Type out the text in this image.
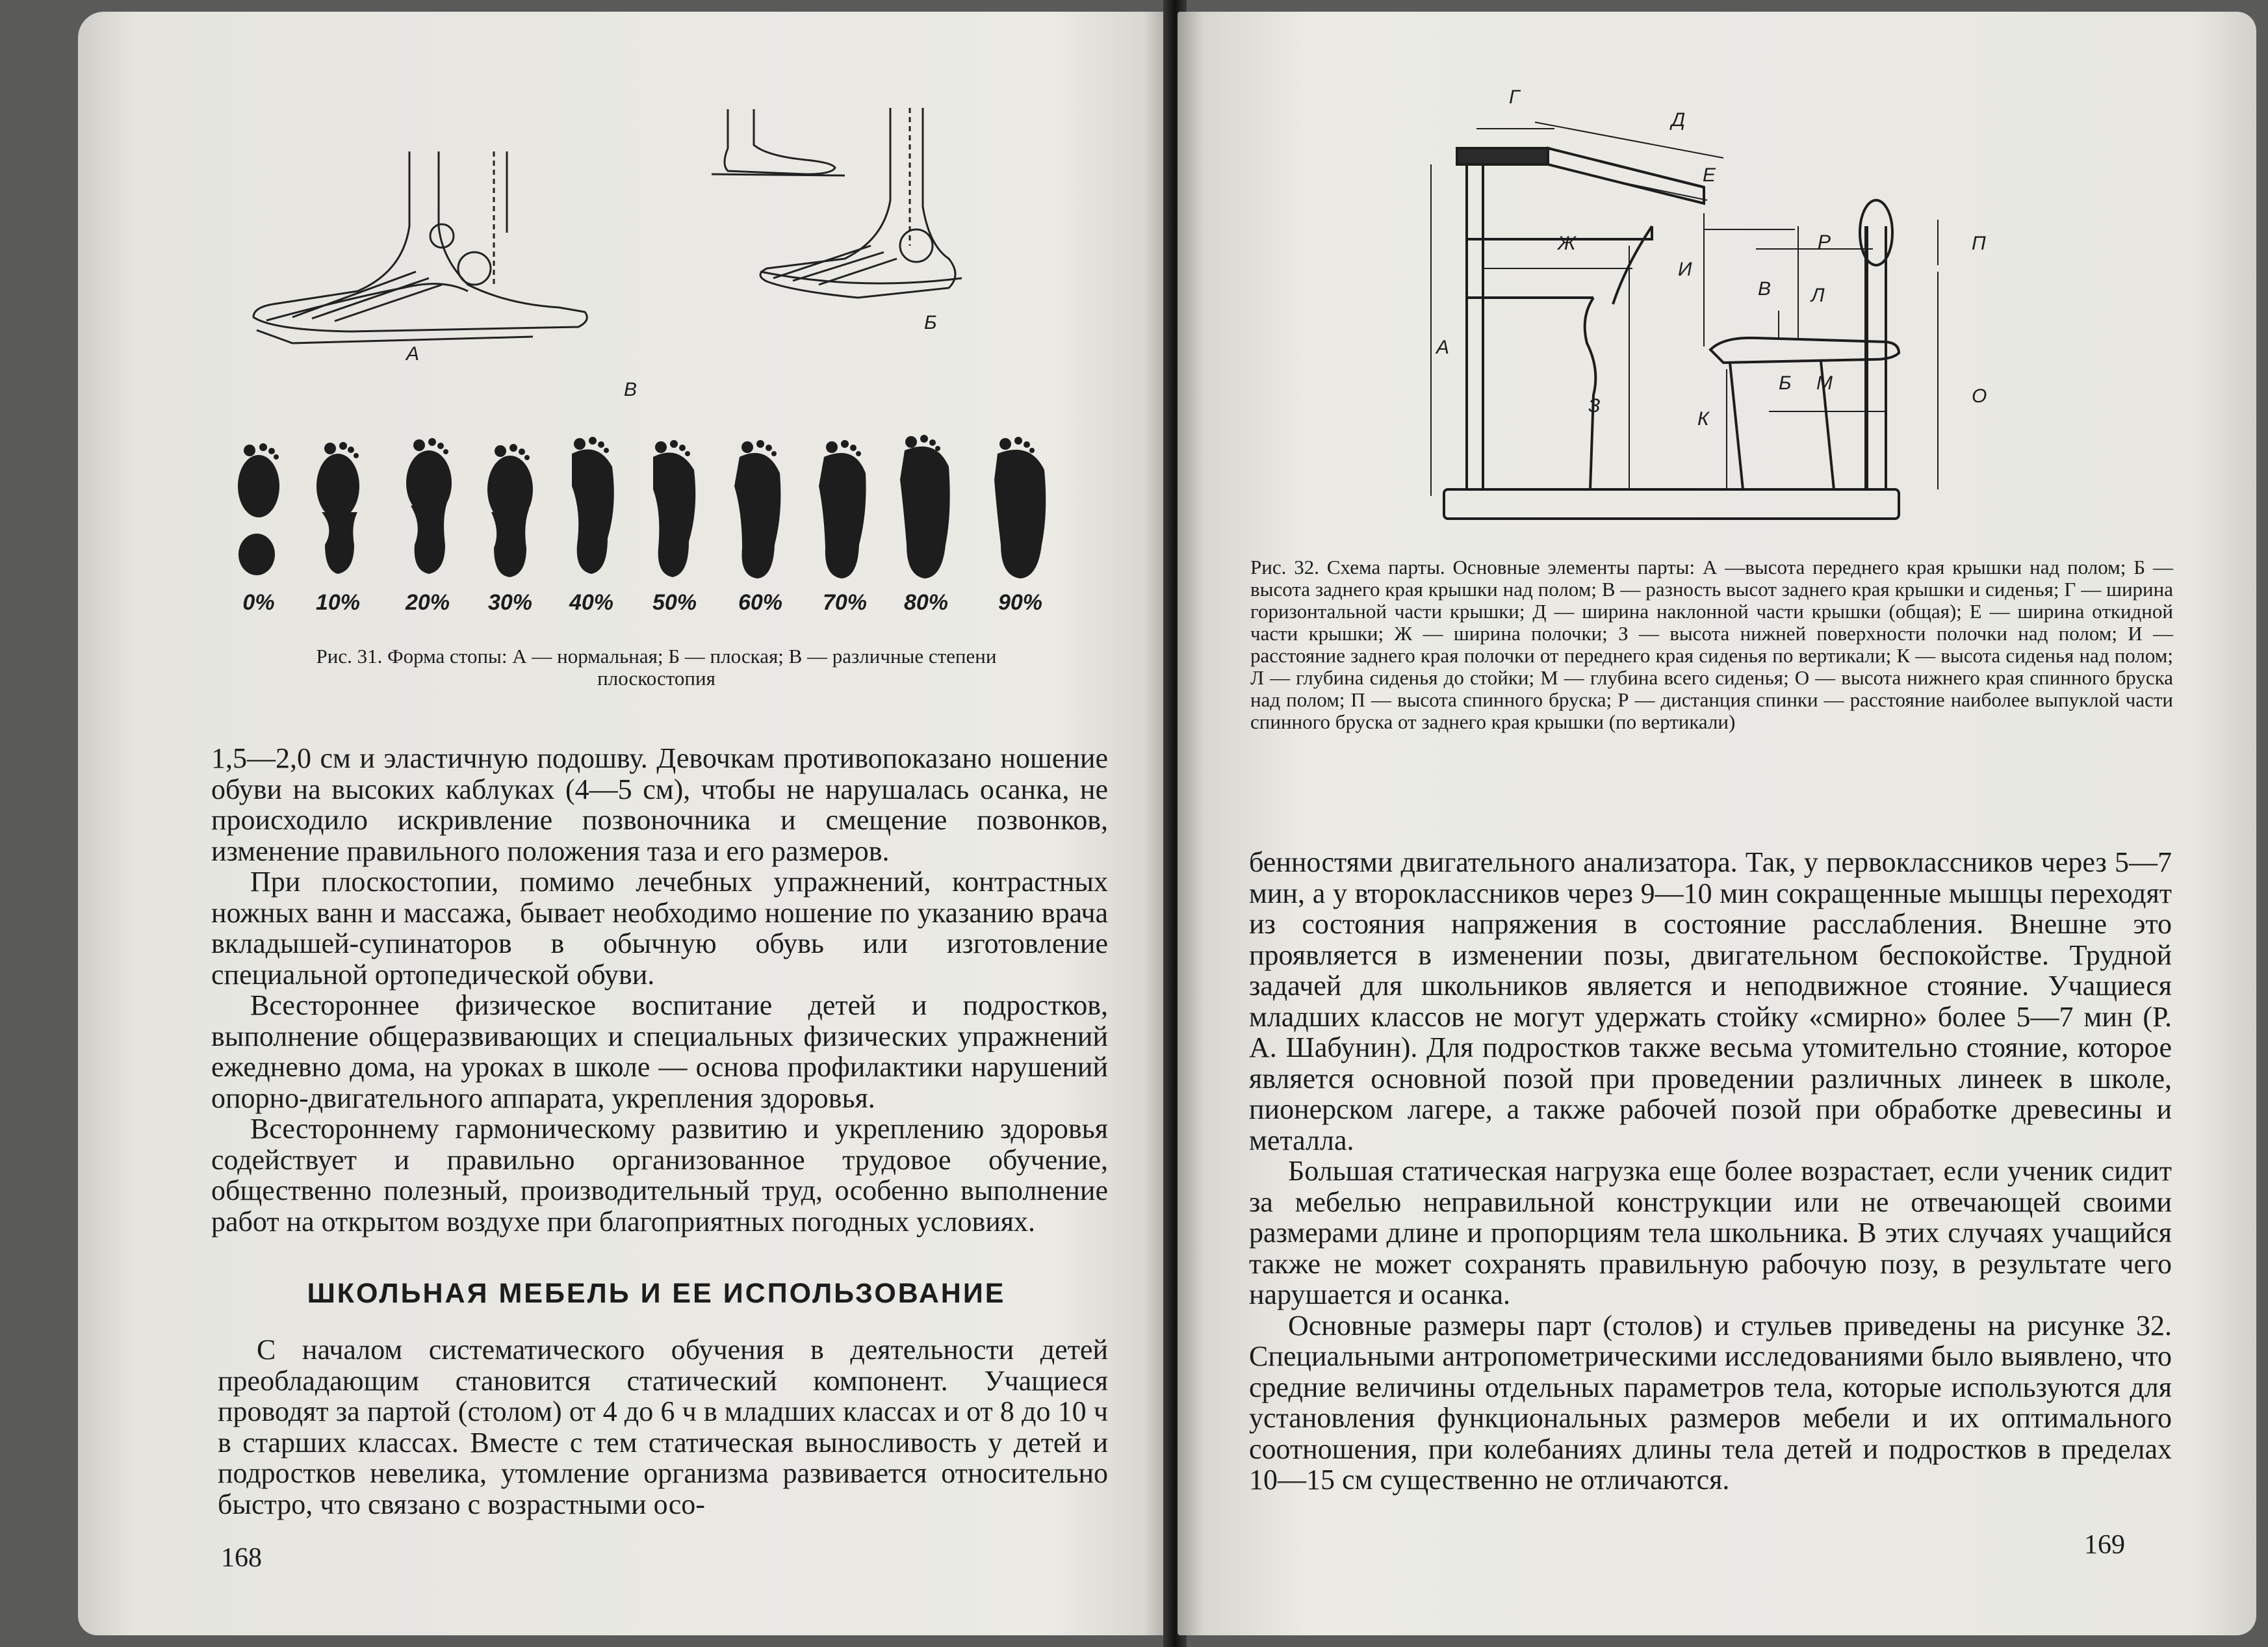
А
Б
В
0%	10%	20%	30%	40%	50%	60%	70%	80%	90%
Рис. 31. Форма стопы: А — нормальная; Б — плоская; В — различные степени
плоскостопия

1,5—2,0 см и эластичную подошву. Девочкам противопоказано ношение обуви на высоких каблуках (4—5 см), чтобы не нарушалась осанка, не происходило искривление позвоночника и смещение позвонков, изменение правильного положения таза и его размеров.

При плоскостопии, помимо лечебных упражнений, контрастных ножных ванн и массажа, бывает необходимо ношение по указанию врача вкладышей-супинаторов в обычную обувь или изготовление специальной ортопедической обуви.

Всестороннее физическое воспитание детей и подростков, выполнение общеразвивающих и специальных физических упражнений ежедневно дома, на уроках в школе — основа профилактики нарушений опорно-двигательного аппарата, укрепления здоровья.

Всестороннему гармоническому развитию и укреплению здоровья содействует и правильно организованное трудовое обучение, общественно полезный, производительный труд, особенно выполнение работ на открытом воздухе при благоприятных погодных условиях.

ШКОЛЬНАЯ МЕБЕЛЬ И ЕЕ ИСПОЛЬЗОВАНИЕ

С началом систематического обучения в деятельности детей преобладающим становится статический компонент. Учащиеся проводят за партой (столом) от 4 до 6 ч в младших классах и от 8 до 10 ч в старших классах. Вместе с тем статическая выносливость у детей и подростков невелика, утомление организма развивается относительно быстро, что связано с возрастными осо-

168
Г
Д
Е
П
Р
Ж
И
В Л
А
Б М
З
К
О
Рис. 32. Схема парты. Основные элементы парты: А —высота переднего края крышки над полом; Б — высота заднего края крышки над полом; В — разность высот заднего края крышки и сиденья; Г — ширина горизонтальной части крышки; Д — ширина наклонной части крышки (общая); Е — ширина откидной части крышки; Ж — ширина полочки; З — высота нижней поверхности полочки над полом; И — расстояние заднего края полочки от переднего края сиденья по вертикали; К — высота сиденья над полом; Л — глубина сиденья до стойки; М — глубина всего сиденья; О — высота нижнего края спинного бруска над полом; П — высота спинного бруска; Р — дистанция спинки — расстояние наиболее выпуклой части спинного бруска от заднего края крышки (по вертикали)

бенностями двигательного анализатора. Так, у первоклассников через 5—7 мин, а у второклассников через 9—10 мин сокращенные мышцы переходят из состояния напряжения в состояние расслабления. Внешне это проявляется в изменении позы, двигательном беспокойстве. Трудной задачей для школьников является и неподвижное стояние. Учащиеся младших классов не могут удержать стойку «смирно» более 5—7 мин (Р. А. Шабунин). Для подростков также весьма утомительно стояние, которое является основной позой при проведении различных линеек в школе, пионерском лагере, а также рабочей позой при обработке древесины и металла.

Большая статическая нагрузка еще более возрастает, если ученик сидит за мебелью неправильной конструкции или не отвечающей своими размерами длине и пропорциям тела школьника. В этих случаях учащийся также не может сохранять правильную рабочую позу, в результате чего нарушается и осанка.

Основные размеры парт (столов) и стульев приведены на рисунке 32. Специальными антропометрическими исследованиями было выявлено, что средние величины отдельных параметров тела, которые используются для установления функциональных размеров мебели и их оптимального соотношения, при колебаниях длины тела детей и подростков в пределах 10—15 см существенно не отличаются.

169
